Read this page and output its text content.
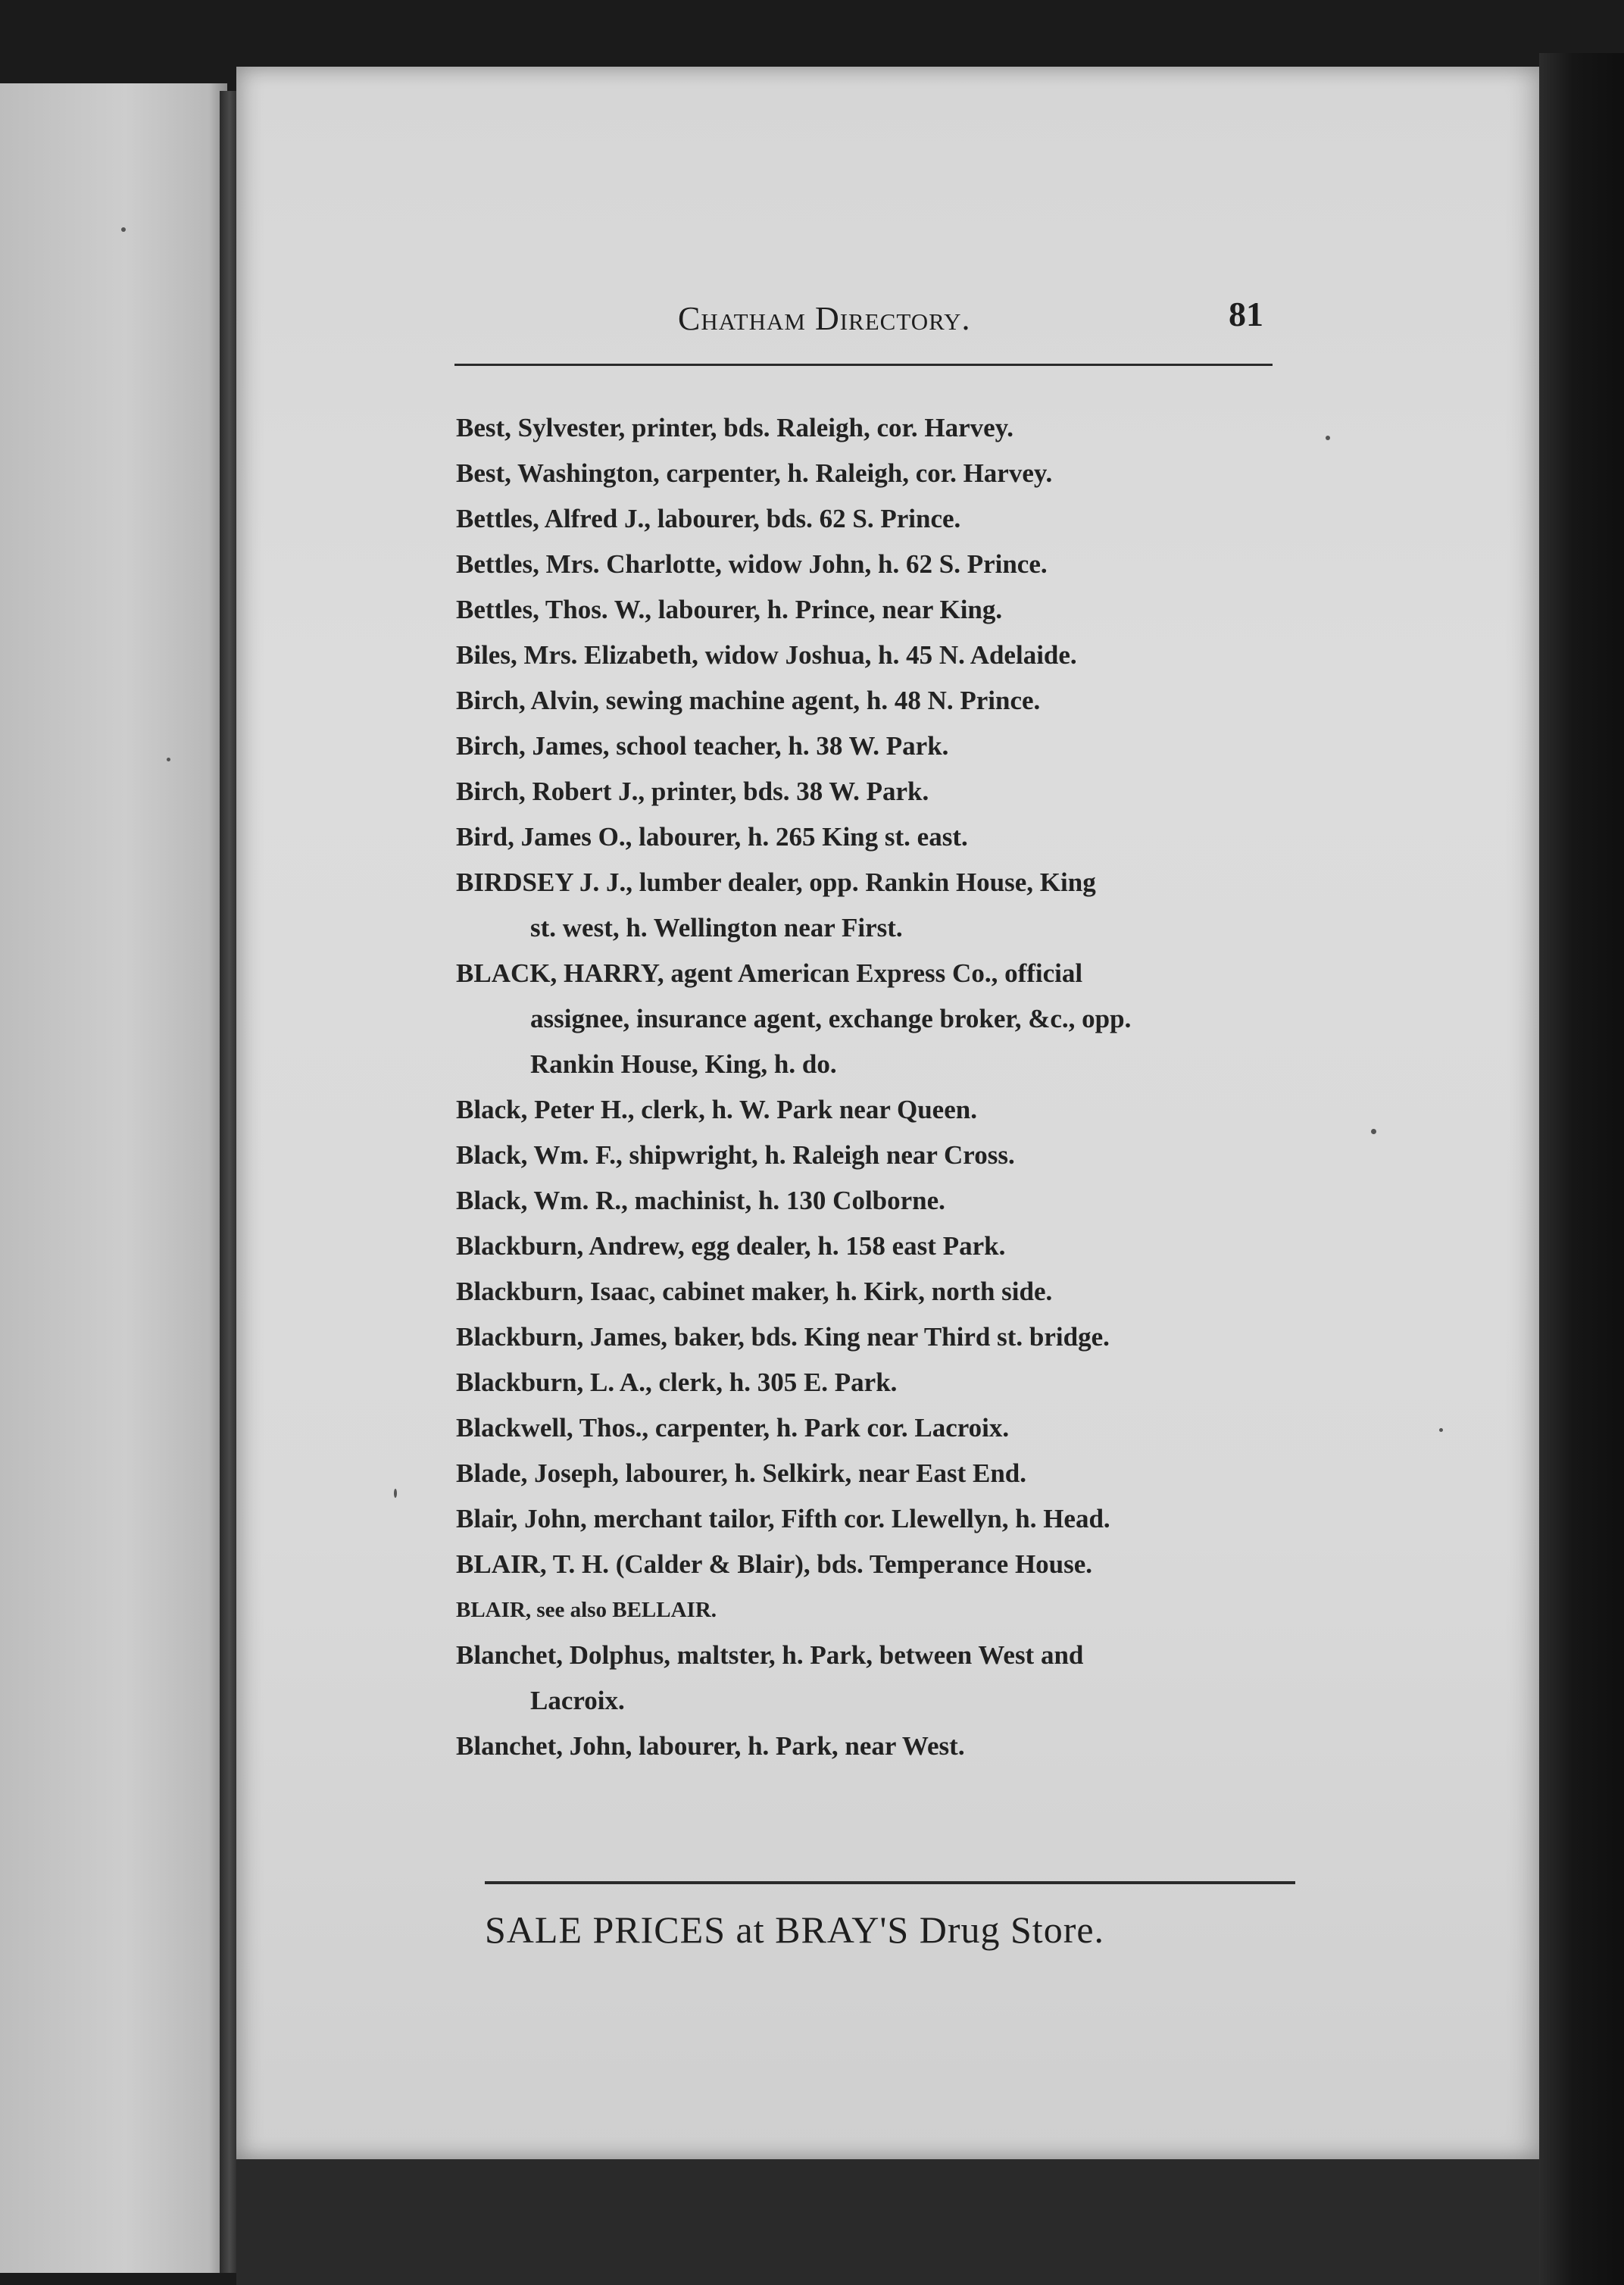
Chatham Directory.	81
Best, Sylvester, printer, bds. Raleigh, cor. Harvey.
Best, Washington, carpenter, h. Raleigh, cor. Harvey.
Bettles, Alfred J., labourer, bds. 62 S. Prince.
Bettles, Mrs. Charlotte, widow John, h. 62 S. Prince.
Bettles, Thos. W., labourer, h. Prince, near King.
Biles, Mrs. Elizabeth, widow Joshua, h. 45 N. Adelaide.
Birch, Alvin, sewing machine agent, h. 48 N. Prince.
Birch, James, school teacher, h. 38 W. Park.
Birch, Robert J., printer, bds. 38 W. Park.
Bird, James O., labourer, h. 265 King st. east.
BIRDSEY J. J., lumber dealer, opp. Rankin House, King
st. west, h. Wellington near First.
BLACK, HARRY, agent American Express Co., official
assignee, insurance agent, exchange broker, &c., opp.
Rankin House, King, h. do.
Black, Peter H., clerk, h. W. Park near Queen.
Black, Wm. F., shipwright, h. Raleigh near Cross.
Black, Wm. R., machinist, h. 130 Colborne.
Blackburn, Andrew, egg dealer, h. 158 east Park.
Blackburn, Isaac, cabinet maker, h. Kirk, north side.
Blackburn, James, baker, bds. King near Third st. bridge.
Blackburn, L. A., clerk, h. 305 E. Park.
Blackwell, Thos., carpenter, h. Park cor. Lacroix.
Blade, Joseph, labourer, h. Selkirk, near East End.
Blair, John, merchant tailor, Fifth cor. Llewellyn, h. Head.
BLAIR, T. H. (Calder & Blair), bds. Temperance House.
BLAIR, see also BELLAIR.
Blanchet, Dolphus, maltster, h. Park, between West and
Lacroix.
Blanchet, John, labourer, h. Park, near West.
SALE PRICES at BRAY'S Drug Store.
